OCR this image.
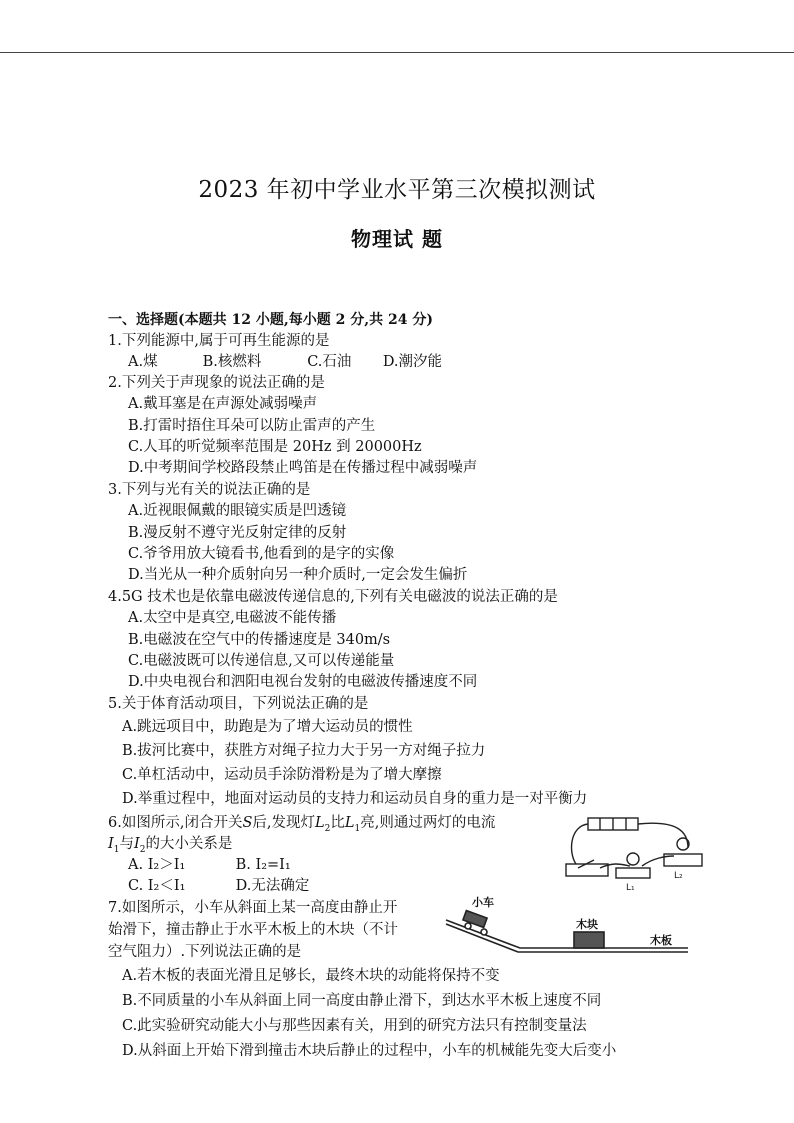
2023 年初中学业水平第三次模拟测试
物理试 题
一、选择题(本题共 12 小题,每小题 2 分,共 24 分)
1.下列能源中,属于可再生能源的是
A.煤	B.核燃料	C.石油 D.潮汐能
2.下列关于声现象的说法正确的是
A.戴耳塞是在声源处减弱噪声
B.打雷时捂住耳朵可以防止雷声的产生
C.人耳的听觉频率范围是 20Hz 到 20000Hz
D.中考期间学校路段禁止鸣笛是在传播过程中减弱噪声
3.下列与光有关的说法正确的是
A.近视眼佩戴的眼镜实质是凹透镜
B.漫反射不遵守光反射定律的反射
C.爷爷用放大镜看书,他看到的是字的实像
D.当光从一种介质射向另一种介质时,一定会发生偏折
4.5G 技术也是依靠电磁波传递信息的,下列有关电磁波的说法正确的是
A.太空中是真空,电磁波不能传播
B.电磁波在空气中的传播速度是 340m/s
C.电磁波既可以传递信息,又可以传递能量
D.中央电视台和泗阳电视台发射的电磁波传播速度不同
5.关于体育活动项目，下列说法正确的是
A.跳远项目中，助跑是为了增大运动员的惯性
B.拔河比赛中，获胜方对绳子拉力大于另一方对绳子拉力
C.单杠活动中，运动员手涂防滑粉是为了增大摩擦
D.举重过程中，地面对运动员的支持力和运动员自身的重力是一对平衡力
6.如图所示,闭合开关S后,发现灯$L_2$比$L_1$亮,则通过两灯的电流
$I_1$与$I_2$的大小关系是
A. I₂＞I₁	B. I₂=I₁
C. I₂＜I₁	D.无法确定	L₁
L₂
7.如图所示，小车从斜面上某一高度由静止开
始滑下，撞击静止于水平木板上的木块（不计
空气阻力）.下列说法正确的是
A.若木板的表面光滑且足够长，最终木块的动能将保持不变
B.不同质量的小车从斜面上同一高度由静止滑下，到达水平木板上速度不同
C.此实验研究动能大小与那些因素有关，用到的研究方法只有控制变量法
D.从斜面上开始下滑到撞击木块后静止的过程中，小车的机械能先变大后变小
小车
木块
木板
